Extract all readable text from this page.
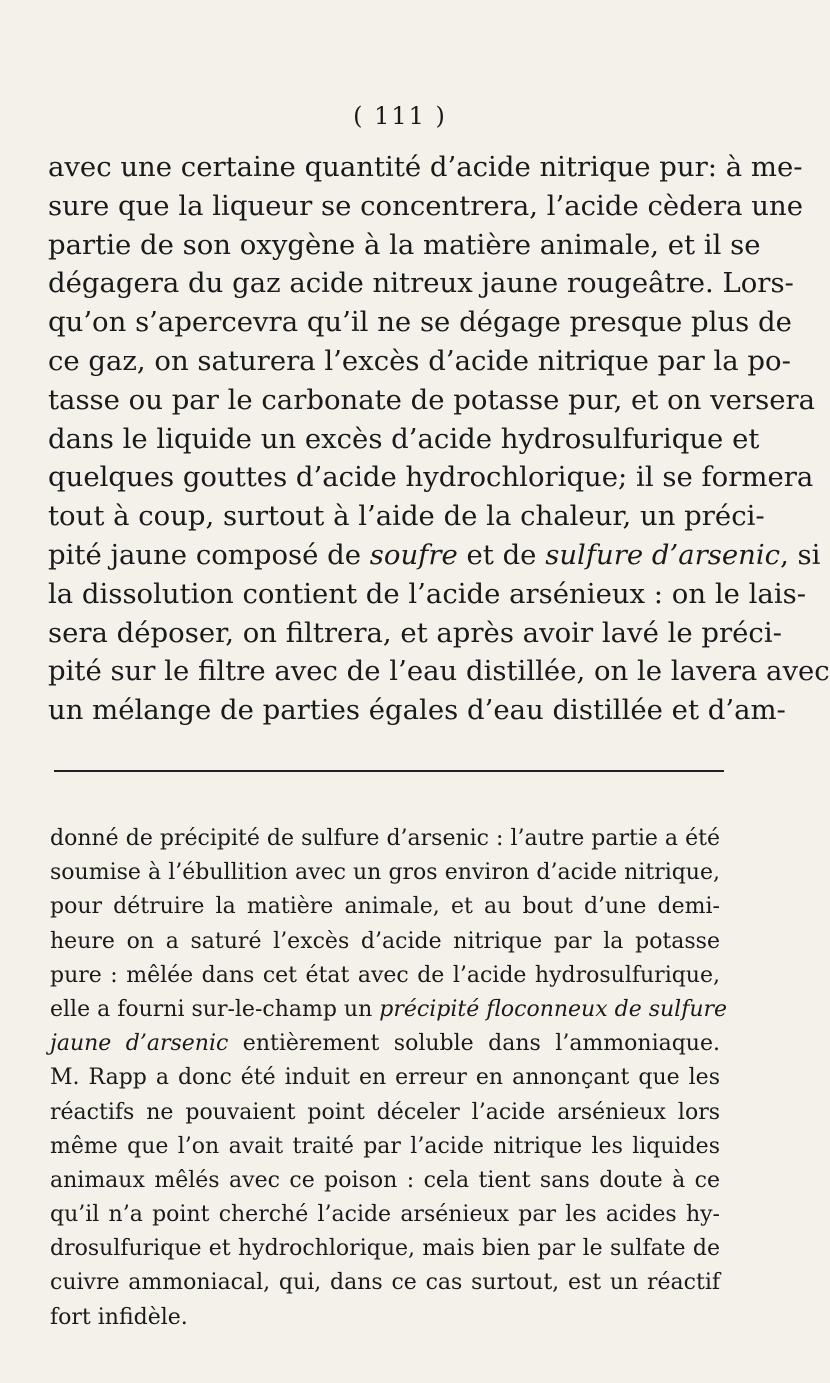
( 111 )
avec une certaine quantité d’acide nitrique pur: à me-
sure que la liqueur se concentrera, l’acide cèdera une
partie de son oxygène à la matière animale, et il se
dégagera du gaz acide nitreux jaune rougeâtre. Lors-
qu’on s’apercevra qu’il ne se dégage presque plus de
ce gaz, on saturera l’excès d’acide nitrique par la po-
tasse ou par le carbonate de potasse pur, et on versera
dans le liquide un excès d’acide hydrosulfurique et
quelques gouttes d’acide hydrochlorique; il se formera
tout à coup, surtout à l’aide de la chaleur, un préci-
pité jaune composé de soufre et de sulfure d’arsenic, si
la dissolution contient de l’acide arsénieux : on le lais-
sera déposer, on filtrera, et après avoir lavé le préci-
pité sur le filtre avec de l’eau distillée, on le lavera avec
un mélange de parties égales d’eau distillée et d’am-
donné de précipité de sulfure d’arsenic : l’autre partie a été
soumise à l’ébullition avec un gros environ d’acide nitrique,
pour détruire la matière animale, et au bout d’une demi-
heure on a saturé l’excès d’acide nitrique par la potasse
pure : mêlée dans cet état avec de l’acide hydrosulfurique,
elle a fourni sur-le-champ un précipité floconneux de sulfure
jaune d’arsenic entièrement soluble dans l’ammoniaque.
M. Rapp a donc été induit en erreur en annonçant que les
réactifs ne pouvaient point déceler l’acide arsénieux lors
même que l’on avait traité par l’acide nitrique les liquides
animaux mêlés avec ce poison : cela tient sans doute à ce
qu’il n’a point cherché l’acide arsénieux par les acides hy-
drosulfurique et hydrochlorique, mais bien par le sulfate de
cuivre ammoniacal, qui, dans ce cas surtout, est un réactif
fort infidèle.
